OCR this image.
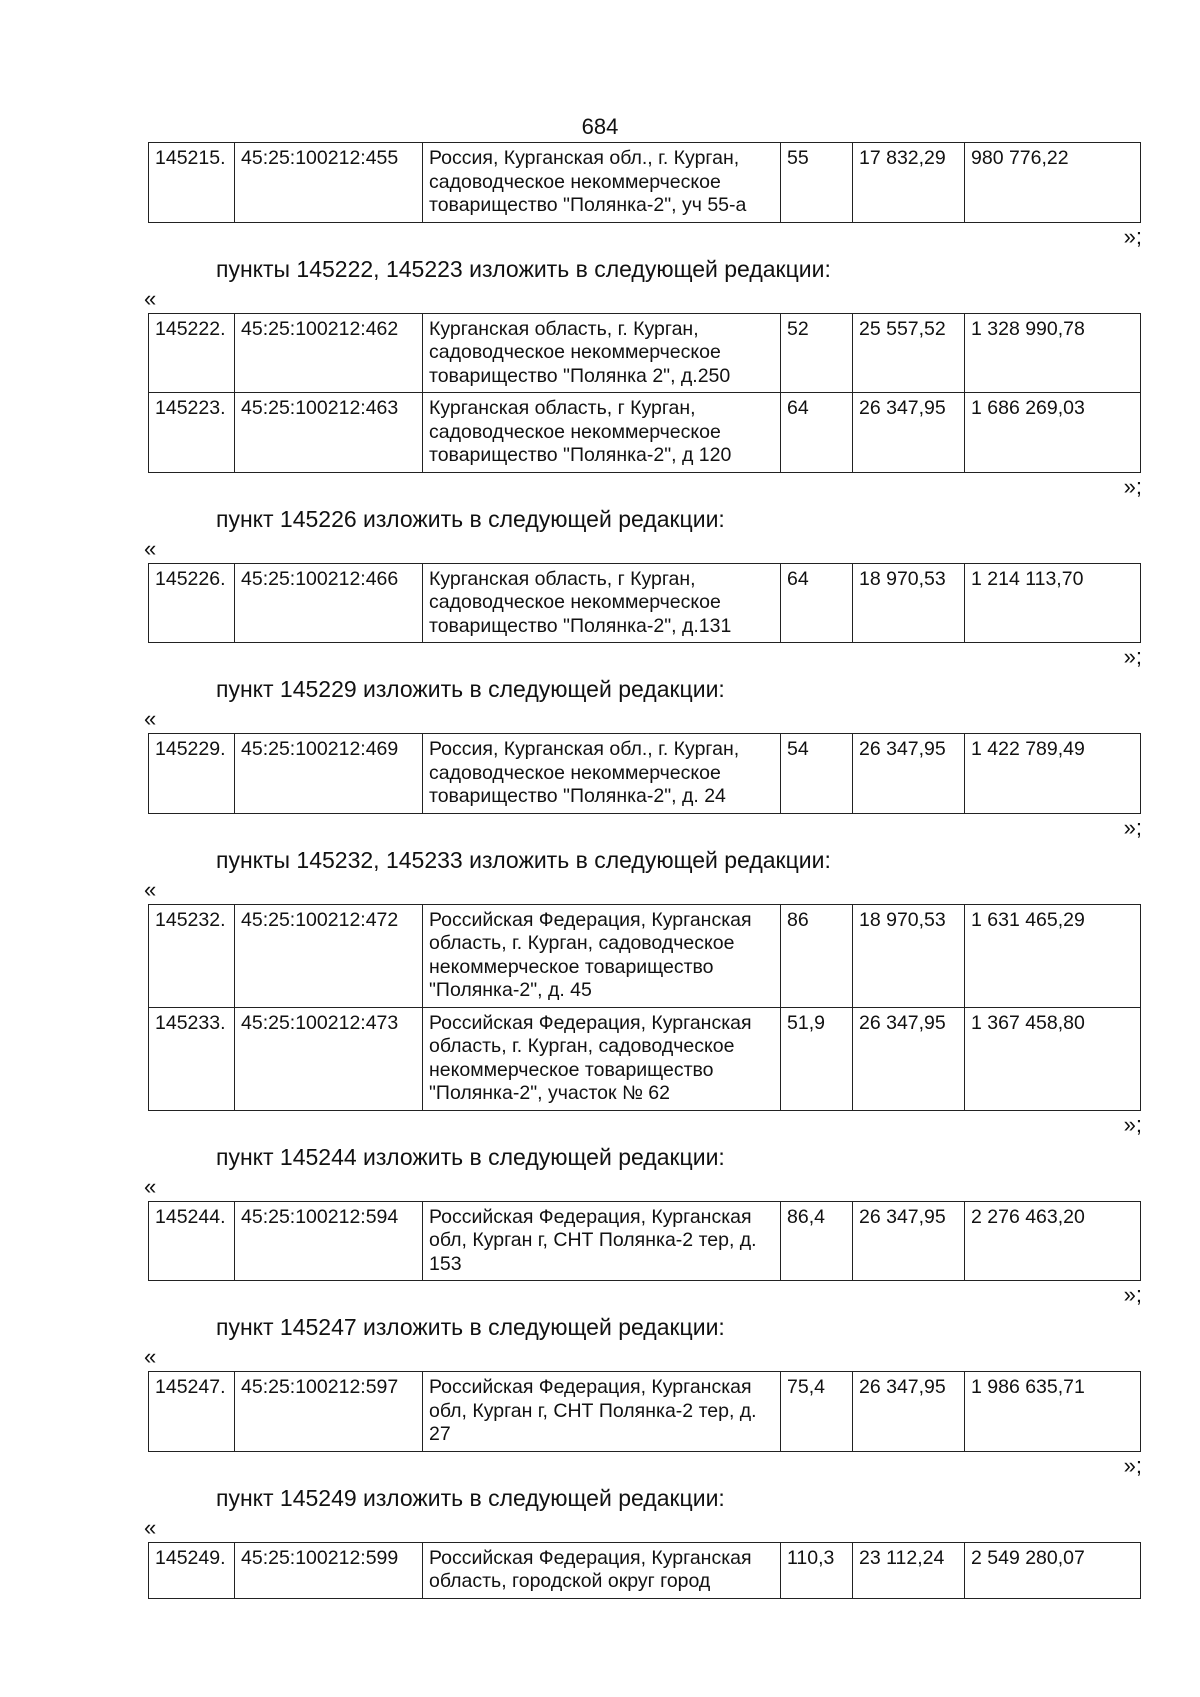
684
145215.	45:25:100212:455	Россия, Курганская обл., г. Курган, садоводческое некоммерческое товарищество "Полянка-2", уч 55-а	55	17 832,29	980 776,22
»;
пункты 145222, 145223 изложить в следующей редакции:
«
145222.	45:25:100212:462	Курганская область, г. Курган, садоводческое некоммерческое товарищество "Полянка 2", д.250	52	25 557,52	1 328 990,78
145223.	45:25:100212:463	Курганская область, г Курган, садоводческое некоммерческое товарищество "Полянка-2", д 120	64	26 347,95	1 686 269,03
»;
пункт 145226 изложить в следующей редакции:
«
145226.	45:25:100212:466	Курганская область, г Курган, садоводческое некоммерческое товарищество "Полянка-2", д.131	64	18 970,53	1 214 113,70
»;
пункт 145229 изложить в следующей редакции:
«
145229.	45:25:100212:469	Россия, Курганская обл., г. Курган, садоводческое некоммерческое товарищество "Полянка-2", д. 24	54	26 347,95	1 422 789,49
»;
пункты 145232, 145233 изложить в следующей редакции:
«
145232.	45:25:100212:472	Российская Федерация, Курганская область, г. Курган, садоводческое некоммерческое товарищество "Полянка-2", д. 45	86	18 970,53	1 631 465,29
145233.	45:25:100212:473	Российская Федерация, Курганская область, г. Курган, садоводческое некоммерческое товарищество "Полянка-2", участок № 62	51,9	26 347,95	1 367 458,80
»;
пункт 145244 изложить в следующей редакции:
«
145244.	45:25:100212:594	Российская Федерация, Курганская обл, Курган г, СНТ Полянка-2 тер, д. 153	86,4	26 347,95	2 276 463,20
»;
пункт 145247 изложить в следующей редакции:
«
145247.	45:25:100212:597	Российская Федерация, Курганская обл, Курган г, СНТ Полянка-2 тер, д. 27	75,4	26 347,95	1 986 635,71
»;
пункт 145249 изложить в следующей редакции:
«
145249.	45:25:100212:599	Российская Федерация, Курганская область, городской округ город	110,3	23 112,24	2 549 280,07
